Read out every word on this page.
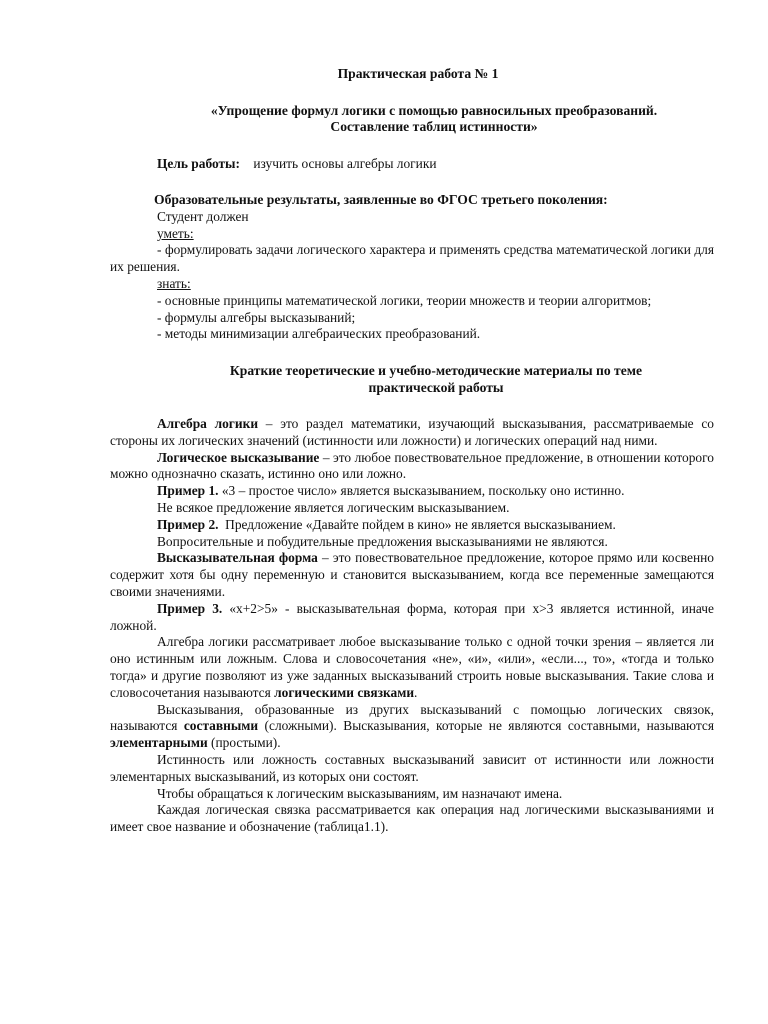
Практическая работа № 1
«Упрощение формул логики с помощью равносильных преобразований.
Составление таблиц истинности»
Цель работы: изучить основы алгебры логики
Образовательные результаты, заявленные во ФГОС третьего поколения:
Студент должен
уметь:
- формулировать задачи логического характера и применять средства математической логики для их решения.
знать:
- основные принципы математической логики, теории множеств и теории алгоритмов;
- формулы алгебры высказываний;
- методы минимизации алгебраических преобразований.
Краткие теоретические и учебно-методические материалы по теме
практической работы

Алгебра логики – это раздел математики, изучающий высказывания, рассматриваемые со стороны их логических значений (истинности или ложности) и логических операций над ними.

Логическое высказывание – это любое повествовательное предложение, в отношении которого можно однозначно сказать, истинно оно или ложно.

Пример 1. «3 – простое число» является высказыванием, поскольку оно истинно.

Не всякое предложение является логическим высказыванием.

Пример 2.  Предложение «Давайте пойдем в кино» не является высказыванием.

Вопросительные и побудительные предложения высказываниями не являются.

Высказывательная форма – это повествовательное предложение, которое прямо или косвенно содержит хотя бы одну переменную и становится высказыванием, когда все переменные замещаются своими значениями.

Пример 3. «x+2>5» - высказывательная форма, которая при x>3 является истинной, иначе ложной.

Алгебра логики рассматривает любое высказывание только с одной точки зрения – является ли оно истинным или ложным. Слова и словосочетания «не», «и», «или», «если..., то», «тогда и только тогда» и другие позволяют из уже заданных высказываний строить новые высказывания. Такие слова и словосочетания называются логическими связками.

Высказывания, образованные из других высказываний с помощью логических связок, называются составными (сложными). Высказывания, которые не являются составными, называются элементарными (простыми).

Истинность или ложность составных высказываний зависит от истинности или ложности элементарных высказываний, из которых они состоят.

Чтобы обращаться к логическим высказываниям, им назначают имена.

Каждая логическая связка рассматривается как операция над логическими высказываниями и имеет свое название и обозначение (таблица1.1).
